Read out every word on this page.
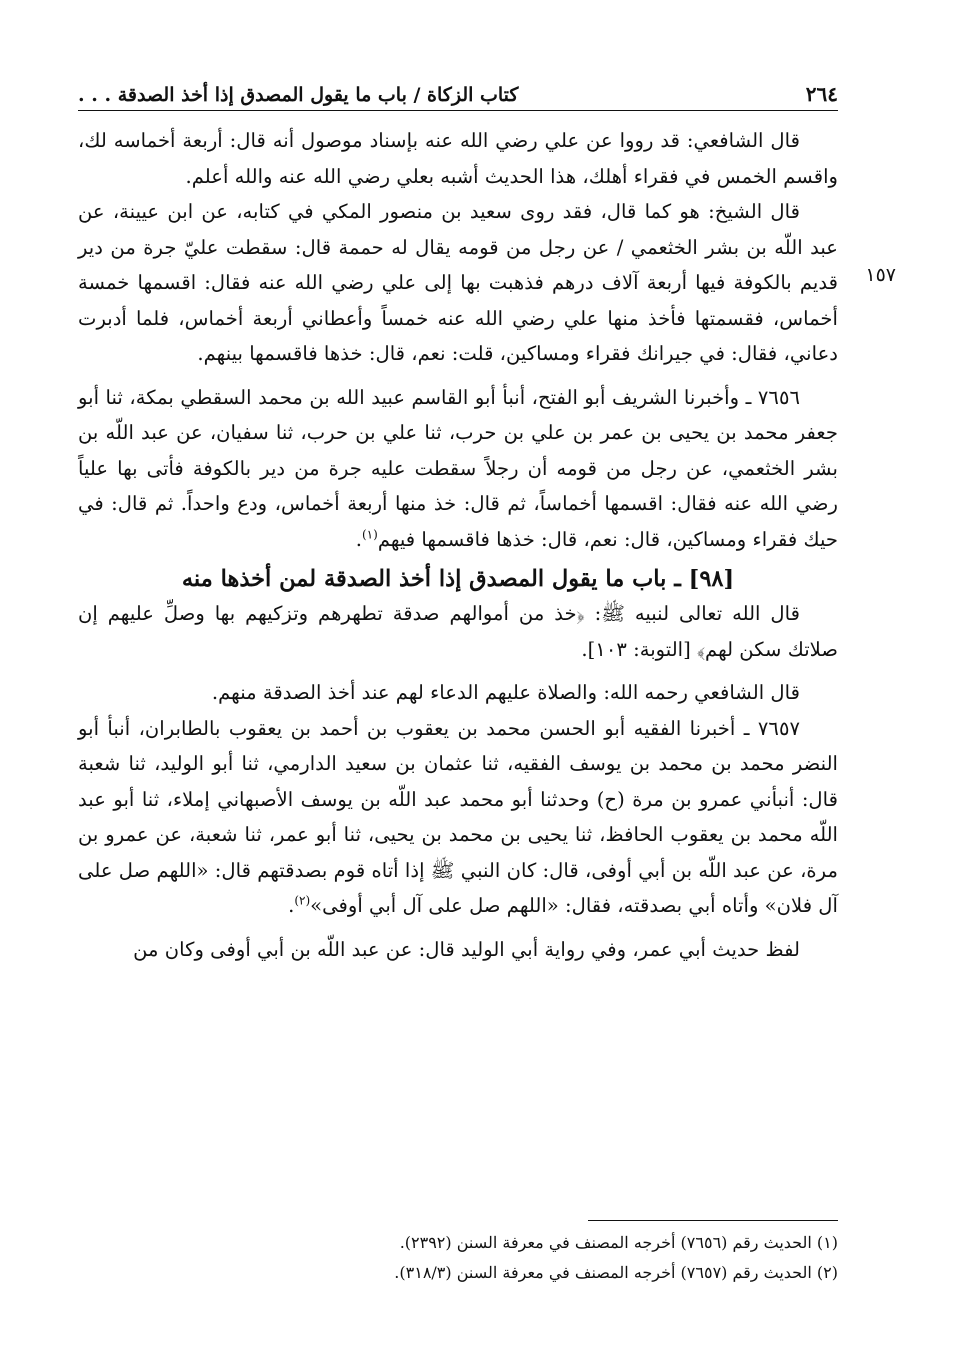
٢٦٤
كتاب الزكاة / باب ما يقول المصدق إذا أخذ الصدقة . . .

قال الشافعي: قد رووا عن علي رضي الله عنه بإسناد موصول أنه قال: أربعة أخماسه لك، واقسم الخمس في فقراء أهلك، هذا الحديث أشبه بعلي رضي الله عنه والله أعلم.

قال الشيخ: هو كما قال، فقد روى سعيد بن منصور المكي في كتابه، عن ابن عيينة، عن عبد اللّه بن بشر الخثعمي / عن رجل من قومه يقال له حممة قال: سقطت عليّ جرة من دير قديم بالكوفة فيها أربعة آلاف درهم فذهبت بها إلى علي رضي الله عنه فقال: اقسمها خمسة أخماس، فقسمتها فأخذ منها علي رضي الله عنه خمساً وأعطاني أربعة أخماس، فلما أدبرت دعاني، فقال: في جيرانك فقراء ومساكين، قلت: نعم، قال: خذها فاقسمها بينهم.

٧٦٥٦ ـ وأخبرنا الشريف أبو الفتح، أنبأ أبو القاسم عبيد الله بن محمد السقطي بمكة، ثنا أبو جعفر محمد بن يحيى بن عمر بن علي بن حرب، ثنا علي بن حرب، ثنا سفيان، عن عبد اللّه بن بشر الخثعمي، عن رجل من قومه أن رجلاً سقطت عليه جرة من دير بالكوفة فأتى بها علياً رضي الله عنه فقال: اقسمها أخماساً، ثم قال: خذ منها أربعة أخماس، ودع واحداً. ثم قال: في حيك فقراء ومساكين، قال: نعم، قال: خذها فاقسمها فيهم$^{(١)}$.

١٥٧
[٩٨] ـ باب ما يقول المصدق إذا أخذ الصدقة لمن أخذها منه

قال الله تعالى لنبيه ﷺ: ﴿خذ من أموالهم صدقة تطهرهم وتزكيهم بها وصلِّ عليهم إن صلاتك سكن لهم﴾ [التوبة: ١٠٣].

قال الشافعي رحمه الله: والصلاة عليهم الدعاء لهم عند أخذ الصدقة منهم.

٧٦٥٧ ـ أخبرنا الفقيه أبو الحسن محمد بن يعقوب بن أحمد بن يعقوب بالطابران، أنبأ أبو النضر محمد بن محمد بن يوسف الفقيه، ثنا عثمان بن سعيد الدارمي، ثنا أبو الوليد، ثنا شعبة قال: أنبأني عمرو بن مرة (ح) وحدثنا أبو محمد عبد اللّه بن يوسف الأصبهاني إملاء، ثنا أبو عبد اللّه محمد بن يعقوب الحافظ، ثنا يحيى بن محمد بن يحيى، ثنا أبو عمر، ثنا شعبة، عن عمرو بن مرة، عن عبد اللّه بن أبي أوفى، قال: كان النبي ﷺ إذا أتاه قوم بصدقتهم قال: «اللهم صل على آل فلان» وأتاه أبي بصدقته، فقال: «اللهم صل على آل أبي أوفى»$^{(٢)}$.

لفظ حديث أبي عمر، وفي رواية أبي الوليد قال: عن عبد اللّه بن أبي أوفى وكان من

(١) الحديث رقم (٧٦٥٦) أخرجه المصنف في معرفة السنن (٢٣٩٢).

(٢) الحديث رقم (٧٦٥٧) أخرجه المصنف في معرفة السنن (٣١٨/٣).
